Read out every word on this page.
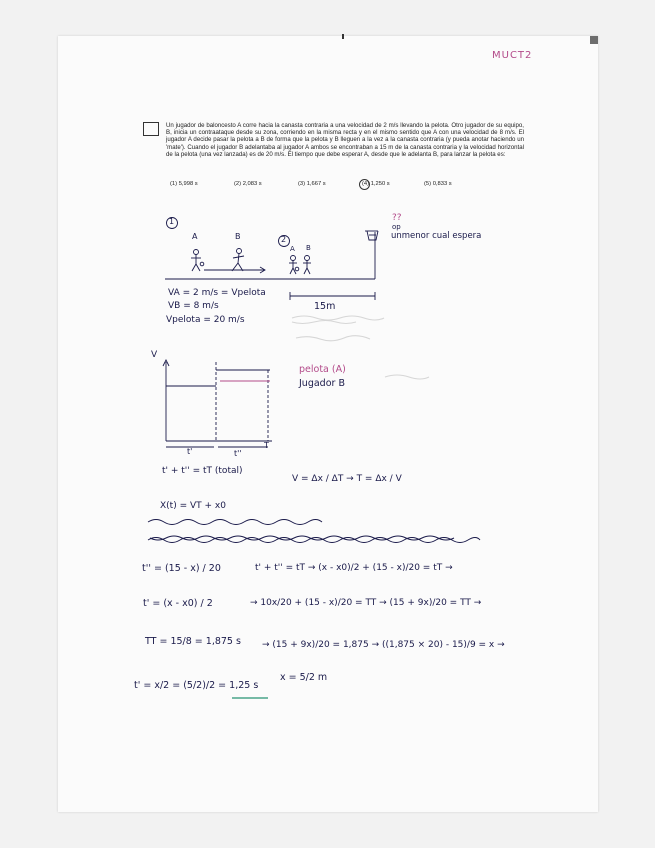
MUCT2
Un jugador de baloncesto A corre hacia la canasta contraria a una velocidad de 2 m/s llevando la pelota. Otro jugador de su equipo, B, inicia un contraataque desde su zona, corriendo en la misma recta y en el mismo sentido que A con una velocidad de 8 m/s. El jugador A decide pasar la pelota a B de forma que la pelota y B lleguen a la vez a la canasta contraria (y pueda anotar haciendo un 'mate'). Cuando el jugador B adelantaba al jugador A ambos se encontraban a 15 m de la canasta contraria y la velocidad horizontal de la pelota (una vez lanzada) es de 20 m/s. El tiempo que debe esperar A, desde que le adelanta B, para lanzar la pelota es:
(1) 5,998 s	(2) 2,083 s	(3) 1,667 s	(4) 1,250 s	(5) 0,833 s
??
op
unmenor cual espera
1
2
A	B
A B
VA = 2 m/s = Vpelota
VB = 8 m/s
Vpelota = 20 m/s
15m
V
t'	t''
T
pelota (A)
Jugador B
t' + t'' = tT (total)
V = Δx / ΔT → T = Δx / V
X(t) = VT + x0
t'' = (15 - x) / 20	t' + t'' = tT → (x - x0)/2 + (15 - x)/20 = tT →
t' = (x - x0) / 2	→ 10x/20 + (15 - x)/20 = TT → (15 + 9x)/20 = TT →
TT = 15/8 = 1,875 s → (15 + 9x)/20 = 1,875 → ((1,875 × 20) - 15)/9 = x →
x = 5/2 m
t' = x/2 = (5/2)/2 = 1,25 s
